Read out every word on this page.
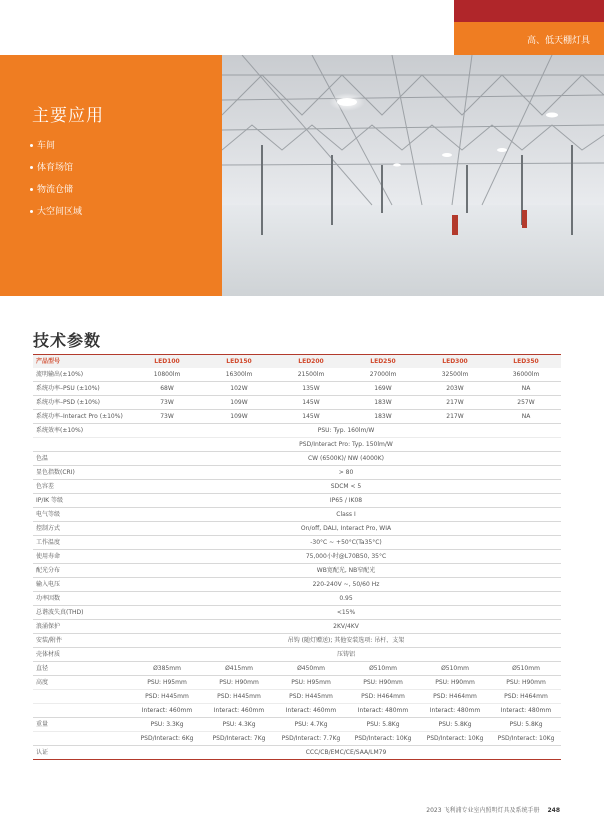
高、低天棚灯具
主要应用
车间
体育场馆
物流仓储
大空间区域
技术参数
产品型号	LED100	LED150	LED200	LED250	LED300	LED350
流明输出(±10%)	10800lm	16300lm	21500lm	27000lm	32500lm	36000lm
系统功率–PSU (±10%)	68W	102W	135W	169W	203W	NA
系统功率–PSD (±10%)	73W	109W	145W	183W	217W	257W
系统功率–Interact Pro (±10%)	73W	109W	145W	183W	217W	NA
系统效率(±10%)	PSU: Typ. 160lm/W					
	PSD/Interact Pro: Typ. 150lm/W					
色温	CW (6500K)/ NW (4000K)					
显色指数(CRI)	> 80					
色容差	SDCM < 5					
IP/IK 等级	IP65 / IK08					
电气等级	Class I					
控制方式	On/off, DALI, Interact Pro, WIA					
工作温度	-30°C ~ +50°C(Ta35°C)					
使用寿命	75,000小时@L70B50, 35°C					
配光分布	WB宽配光, NB窄配光					
输入电压	220-240V ~, 50/60 Hz					
功率因数	0.95					
总谐波失真(THD)	<15%					
浪涌保护	2KV/4KV					
安装/附件	吊钩 (随灯赠送); 其他安装选项: 吊杆、支架					
壳体材质	压铸铝					
直径	Ø385mm	Ø415mm	Ø450mm	Ø510mm	Ø510mm	Ø510mm
高度	PSU: H95mm	PSU: H90mm	PSU: H95mm	PSU: H90mm	PSU: H90mm	PSU: H90mm
	PSD: H445mm	PSD: H445mm	PSD: H445mm	PSD: H464mm	PSD: H464mm	PSD: H464mm
	Interact: 460mm	Interact: 460mm	Interact: 460mm	Interact: 480mm	Interact: 480mm	Interact: 480mm
重量	PSU: 3.3Kg	PSU: 4.3Kg	PSU: 4.7Kg	PSU: 5.8Kg	PSU: 5.8Kg	PSU: 5.8Kg
	PSD/Interact: 6Kg	PSD/Interact: 7Kg	PSD/Interact: 7.7Kg	PSD/Interact: 10Kg	PSD/Interact: 10Kg	PSD/Interact: 10Kg
认证	CCC/CB/EMC/CE/SAA/LM79					
2023 飞利浦专业室内照明灯具及系统手册 248
